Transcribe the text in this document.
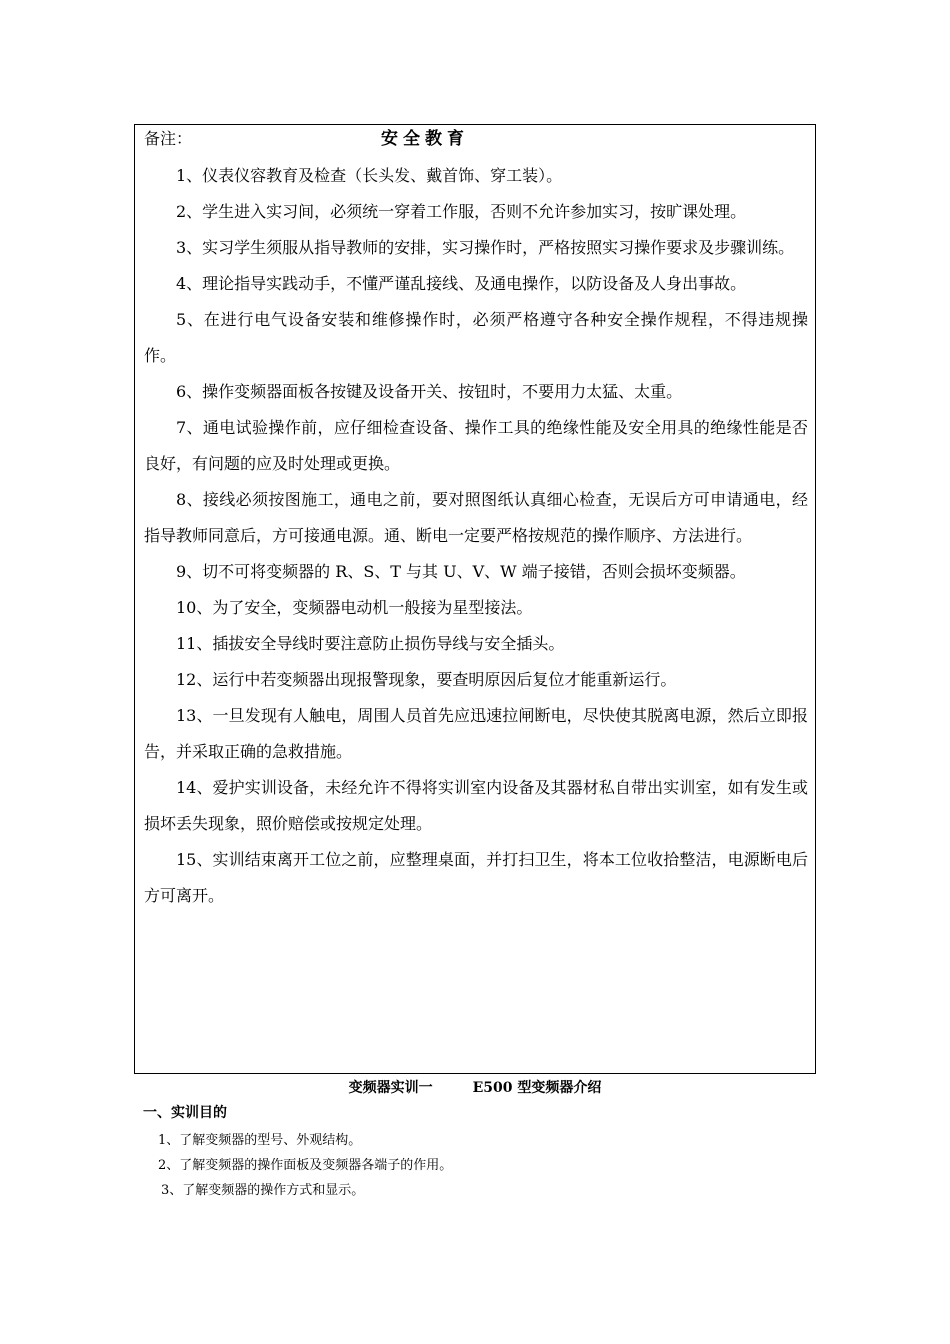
备注：	安全教育

1、仪表仪容教育及检查（长头发、戴首饰、穿工装）。

2、学生进入实习间，必须统一穿着工作服，否则不允许参加实习，按旷课处理。

3、实习学生须服从指导教师的安排，实习操作时，严格按照实习操作要求及步骤训练。

4、理论指导实践动手，不懂严谨乱接线、及通电操作，以防设备及人身出事故。

5、在进行电气设备安装和维修操作时，必须严格遵守各种安全操作规程，不得违规操作。

6、操作变频器面板各按键及设备开关、按钮时，不要用力太猛、太重。

7、通电试验操作前，应仔细检查设备、操作工具的绝缘性能及安全用具的绝缘性能是否良好，有问题的应及时处理或更换。

8、接线必须按图施工，通电之前，要对照图纸认真细心检查，无误后方可申请通电，经指导教师同意后，方可接通电源。通、断电一定要严格按规范的操作顺序、方法进行。

9、切不可将变频器的 R、S、T 与其 U、V、W 端子接错，否则会损坏变频器。

10、为了安全，变频器电动机一般接为星型接法。

11、插拔安全导线时要注意防止损伤导线与安全插头。

12、运行中若变频器出现报警现象，要查明原因后复位才能重新运行。

13、一旦发现有人触电，周围人员首先应迅速拉闸断电，尽快使其脱离电源，然后立即报告，并采取正确的急救措施。

14、爱护实训设备，未经允许不得将实训室内设备及其器材私自带出实训室，如有发生或损坏丢失现象，照价赔偿或按规定处理。

15、实训结束离开工位之前，应整理桌面，并打扫卫生，将本工位收拾整洁，电源断电后方可离开。

变频器实训一	E500 型变频器介绍
一、实训目的

1、了解变频器的型号、外观结构。

2、了解变频器的操作面板及变频器各端子的作用。

3、了解变频器的操作方式和显示。
